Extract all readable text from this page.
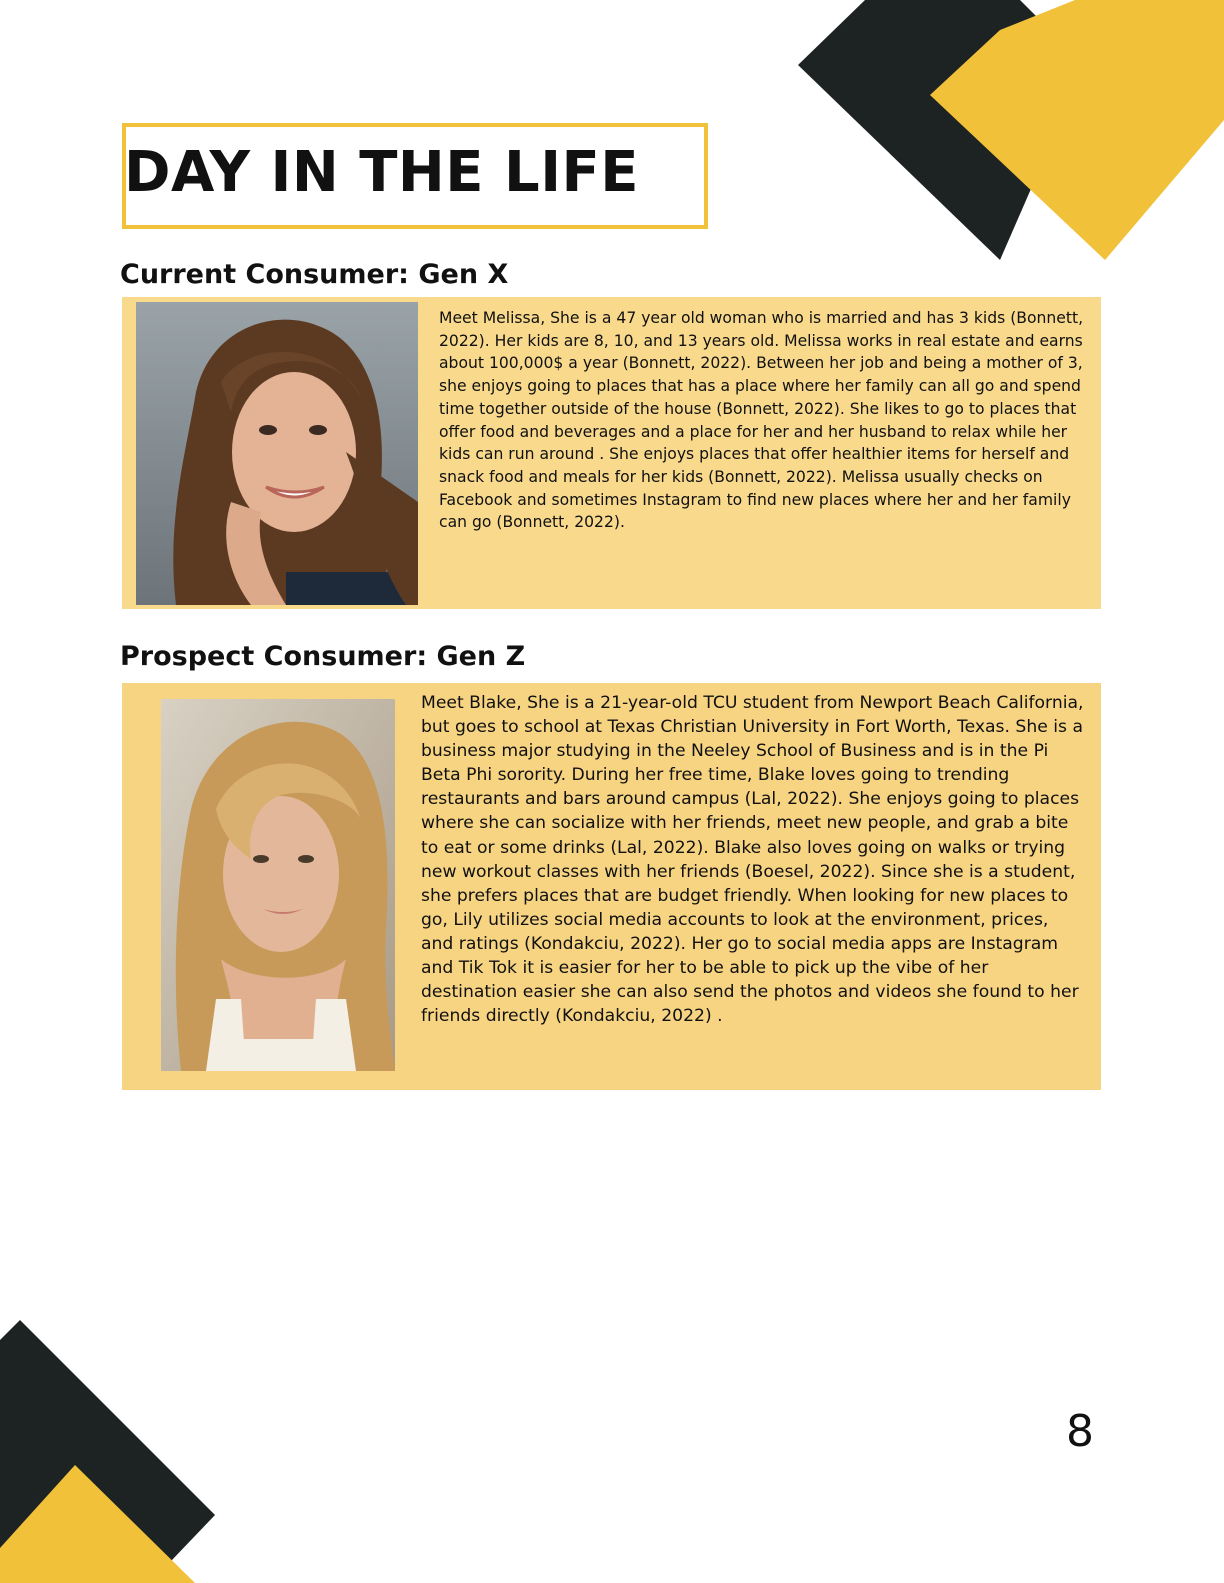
DAY IN THE LIFE
Current Consumer: Gen X

Meet Melissa, She is a 47 year old woman who is married and has 3 kids (Bonnett, 2022). Her kids are 8, 10, and 13 years old. Melissa works in real estate and earns about 100,000$ a year (Bonnett, 2022). Between her job and being a mother of 3, she enjoys going to places that has a place where her family can all go and spend time together outside of the house (Bonnett, 2022). She likes to go to places that offer food and beverages and a place for her and her husband to relax while her kids can run around . She enjoys places that offer healthier items for herself and snack food and meals for her kids (Bonnett, 2022). Melissa usually checks on Facebook and sometimes Instagram to find new places where her and her family can go (Bonnett, 2022).

Prospect Consumer: Gen Z

Meet Blake, She is a 21-year-old TCU student from Newport Beach California, but goes to school at Texas Christian University in Fort Worth, Texas. She is a business major studying in the Neeley School of Business and is in the Pi Beta Phi sorority. During her free time, Blake loves going to trending restaurants and bars around campus (Lal, 2022). She enjoys going to places where she can socialize with her friends, meet new people, and grab a bite to eat or some drinks (Lal, 2022). Blake also loves going on walks or trying new workout classes with her friends (Boesel, 2022). Since she is a student, she prefers places that are budget friendly. When looking for new places to go, Lily utilizes social media accounts to look at the environment, prices, and ratings (Kondakciu, 2022). Her go to social media apps are Instagram and Tik Tok it is easier for her to be able to pick up the vibe of her destination easier she can also send the photos and videos she found to her friends directly (Kondakciu, 2022) .

8
